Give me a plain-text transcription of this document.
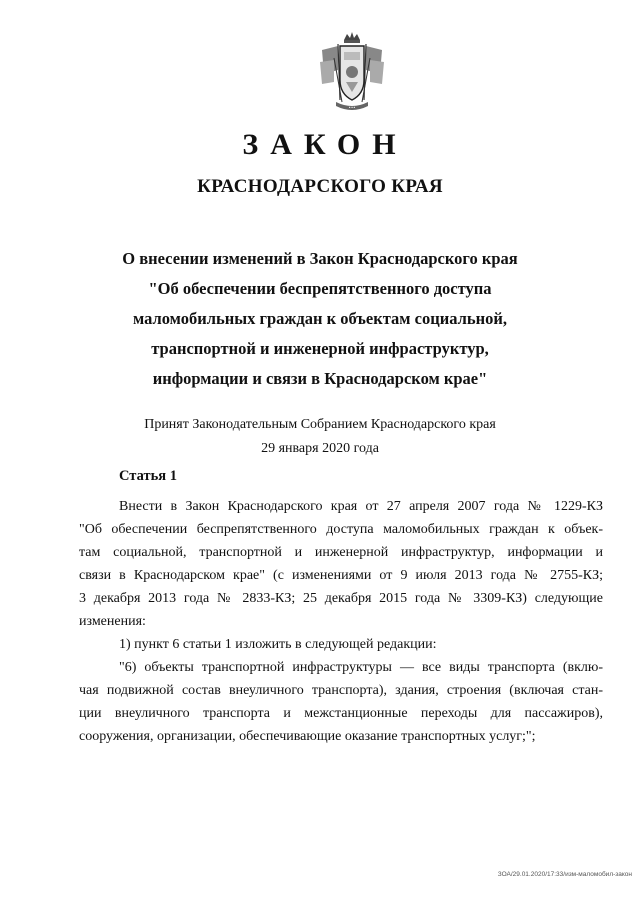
•••
ЗАКОН
КРАСНОДАРСКОГО КРАЯ
О внесении изменений в Закон Краснодарского края
"Об обеспечении беспрепятственного доступа
маломобильных граждан к объектам социальной,
транспортной и инженерной инфраструктур,
информации и связи в Краснодарском крае"
Принят Законодательным Собранием Краснодарского края
29 января 2020 года
Статья 1
Внести в Закон Краснодарского края от 27 апреля 2007 года № 1229-КЗ
"Об обеспечении беспрепятственного доступа маломобильных граждан к объек-
там социальной, транспортной и инженерной инфраструктур, информации и
связи в Краснодарском крае" (с изменениями от 9 июля 2013 года № 2755-КЗ;
3 декабря 2013 года № 2833-КЗ; 25 декабря 2015 года № 3309-КЗ) следующие
изменения:
1) пункт 6 статьи 1 изложить в следующей редакции:
"6) объекты транспортной инфраструктуры — все виды транспорта (вклю-
чая подвижной состав внеуличного транспорта), здания, строения (включая стан-
ции внеуличного транспорта и межстанционные переходы для пассажиров),
сооружения, организации, обеспечивающие оказание транспортных услуг;";
ЗОА/29.01.2020/17:33/изм-маломобил-закон
